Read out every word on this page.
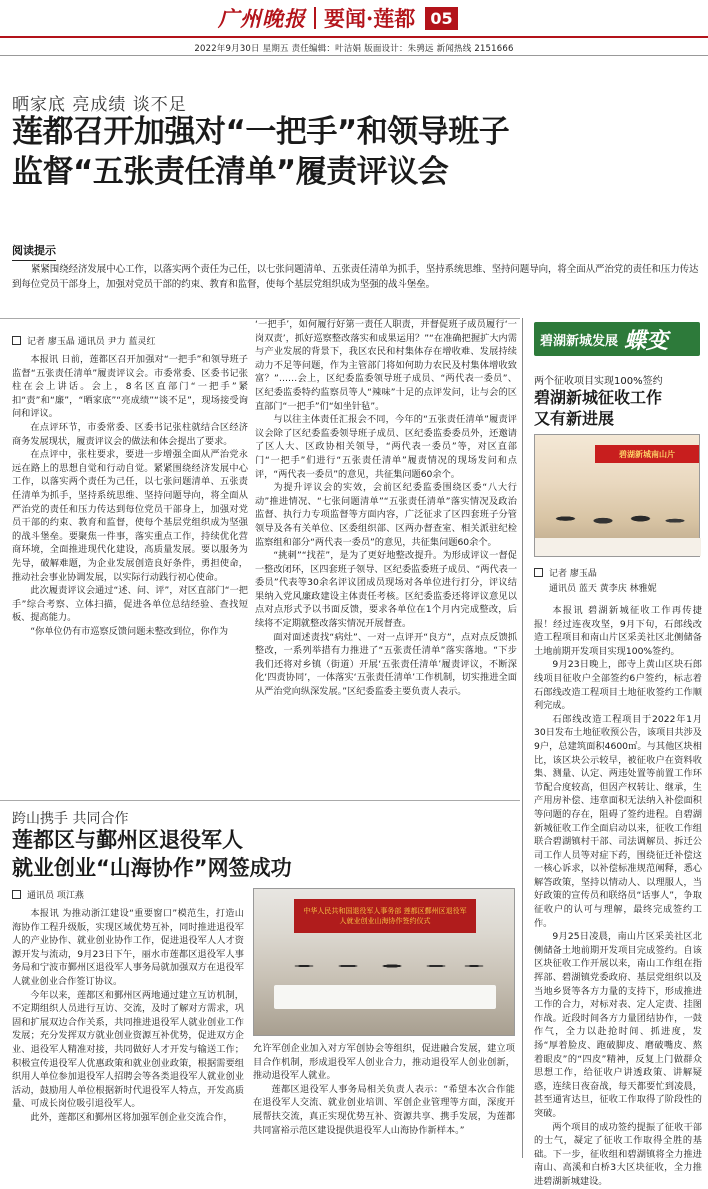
广州晚报 要闻·莲都 05
2022年9月30日 星期五 责任编辑：叶洁娟 版面设计：朱骋远 新闻热线 2151666
晒家底 亮成绩 谈不足
莲都召开加强对“一把手”和领导班子
监督“五张责任清单”履责评议会
阅读提示
紧紧围绕经济发展中心工作，以落实两个责任为己任，以七张问题清单、五张责任清单为抓手，坚持系统思维、坚持问题导向，将全面从严治党的责任和压力传达到每位党员干部身上，加强对党员干部的约束、教育和监督，使每个基层党组织成为坚强的战斗堡垒。
记者 廖玉晶 通讯员 尹力 蓝灵红

本报讯 日前，莲都区召开加强对“一把手”和领导班子监督“五张责任清单”履责评议会。市委常委、区委书记张柱在会上讲话。会上，8名区直部门“一把手”紧扣“责”和“廉”，“晒家底”“亮成绩”“谈不足”，现场接受询问和评议。

在点评环节，市委常委、区委书记张柱就结合区经济商务发展现状，履责评议会的做法和体会提出了要求。

在点评中，张柱要求，要进一步增强全面从严治党永远在路上的思想自觉和行动自觉。紧紧围绕经济发展中心工作，以落实两个责任为己任，以七张问题清单、五张责任清单为抓手，坚持系统思维、坚持问题导向，将全面从严治党的责任和压力传达到每位党员干部身上，加强对党员干部的约束、教育和监督，使每个基层党组织成为坚强的战斗堡垒。要聚焦一件事，落实重点工作，持续优化营商环境，全面推进现代化建设，高质量发展。要以服务为先导，破解难题，为企业发展创造良好条件，勇担使命，推动社会事业协调发展，以实际行动践行初心使命。

此次履责评议会通过“述、问、评”，对区直部门“一把手”综合考察、立体扫描，促进各单位总结经验、查找短板、提高能力。

“你单位仍有市巡察反馈问题未整改到位，你作为

‘一把手’，如何履行好第一责任人职责，并督促班子成员履行‘一岗双责’，抓好巡察整改落实和成果运用？”“在准确把握扩大内需与产业发展的背景下，我区农民和村集体存在增收难、发展持续动力不足等问题，作为主管部门将如何助力农民及村集体增收致富？”……会上，区纪委监委领导班子成员、“两代表一委员”、区纪委监委特约监察员等人“辣味”十足的点评发问，让与会的区直部门“一把手”们“如坐针毡”。

与以往主体责任汇报会不同，今年的“五张责任清单”履责评议会除了区纪委监委领导班子成员、区纪委监委委员外，还邀请了区人大、区政协相关领导，“两代表一委员”等，对区直部门“一把手”们进行“五张责任清单”履责情况的现场发问和点评，“两代表一委员”的意见，共征集问题60余个。

为提升评议会的实效，会前区纪委监委围绕区委“八大行动”推进情况、“七张问题清单”“五张责任清单”落实情况及政治监督、执行力专项监督等方面内容，广泛征求了区四套班子分管领导及各有关单位、区委组织部、区两办督查室、相关派驻纪检监察组和部分“两代表一委员”的意见，共征集问题60余个。

“挑刺”“找茬”，是为了更好地整改提升。为形成评议一督促一整改闭环，区四套班子领导、区纪委监委班子成员、“两代表一委员”代表等30余名评议团成员现场对各单位进行打分，评议结果纳入党风廉政建设主体责任考核。区纪委监委还将评议意见以点对点形式予以书面反馈，要求各单位在1个月内完成整改，后续将不定期就整改落实情况开展督查。

面对面述责找“病灶”、一对一点评开“良方”，点对点反馈抓整改，一系列举措有力推进了“五张责任清单”落实落地。“下步我们还将对乡镇（街道）开展‘五张责任清单’履责评议，不断深化‘四责协同’，一体落实‘五张责任清单’工作机制，切实推进全面从严治党向纵深发展。”区纪委监委主要负责人表示。

碧湖新城发展 蝶变
两个征收项目实现100%签约
碧湖新城征收工作
又有新进展
碧湖新城南山片
记者 廖玉晶
通讯员 蓝天 黄李庆 林雅妮

本报讯 碧湖新城征收工作再传捷报！经过连夜攻坚，9月下旬，石郎线改造工程项目和南山片区采美社区北侧储备土地前期开发项目实现100%签约。

9月23日晚上，郎寺上黄山区块石郎线项目征收户全部签约6户签约，标志着石郎线改造工程项目土地征收签约工作顺利完成。

石郎线改造工程项目于2022年1月30日发布土地征收预公告，该项目共涉及9户，总建筑面积4600㎡。与其他区块相比，该区块公示较早，被征收户在资料收集、测量、认定、两违处置等前置工作环节配合度较高，但因产权转让、继承，生产用房补偿、违章面积无法纳入补偿面积等问题的存在，阻碍了签约进程。自碧湖新城征收工作全面启动以来，征收工作组联合碧湖镇村干部、司法调解员、拆迁公司工作人员等对症下药，围绕征迁补偿这一核心诉求，以补偿标准规范阐释，悉心解答政策，坚持以情动人、以理服人，当好政策的宣传员和联络员“话事人”，争取征收户的认可与理解，最终完成签约工作。

9月25日凌晨，南山片区采美社区北侧储备土地前期开发项目完成签约。自该区块征收工作开展以来，南山工作组在指挥部、碧湖镇党委政府、基层党组织以及当地乡贤等各方力量的支持下，形成推进工作的合力，对标对表、定人定责、挂图作战。近段时间各方力量团结协作，一鼓作气，全力以赴抢时间、抓进度，发扬“厚着脸皮、跑破脚皮、磨破嘴皮、熬着眼皮”的“四皮”精神，反复上门做群众思想工作，给征收户讲透政策、讲解疑惑，连续日夜奋战，每天都要忙到凌晨，甚至通宵达旦，征收工作取得了阶段性的突破。

两个项目的成功签约提振了征收干部的士气，凝定了征收工作取得全胜的基础。下一步，征收组和碧湖镇将全力推进南山、高溪和白桥3大区块征收，全力推进碧湖新城建设。

跨山携手 共同合作
莲都区与鄞州区退役军人
就业创业“山海协作”网签成功
通讯员 项江燕

本报讯 为推动浙江建设“重要窗口”模范生，打造山海协作工程升级版，实现区域优势互补，同时推进退役军人的产业协作、就业创业协作工作，促进退役军人人才资源开发与流动，9月23日下午，丽水市莲都区退役军人事务局和宁波市鄞州区退役军人事务局就加强双方在退役军人就业创业合作签订协议。

今年以来，莲都区和鄞州区两地通过建立互访机制，不定期组织人员进行互访、交流，及时了解对方需求，巩固和扩展双边合作关系，共同推进退役军人就业创业工作发展；充分发挥双方就业创业资源互补优势，促进双方企业、退役军人精准对接，共同做好人才开发与输送工作；积极宣传退役军人优惠政策和就业创业政策，根据需要组织用人单位参加退役军人招聘会等各类退役军人就业创业活动，鼓励用人单位根据新时代退役军人特点，开发高质量、可成长岗位吸引退役军人。

此外，莲都区和鄞州区将加强军创企业交流合作，

中华人民共和国退役军人事务部 莲都区鄞州区退役军人就业创业山海协作签约仪式

允许军创企业加入对方军创协会等组织，促进融合发展，建立项目合作机制，形成退役军人创业合力，推动退役军人创业创新，推动退役军人就业。

莲都区退役军人事务局相关负责人表示：“希望本次合作能在退役军人交流、就业创业培训、军创企业管理等方面，深度开展帮扶交流，真正实现优势互补、资源共享、携手发展，为莲都共同富裕示范区建设提供退役军人山海协作新样本。”
